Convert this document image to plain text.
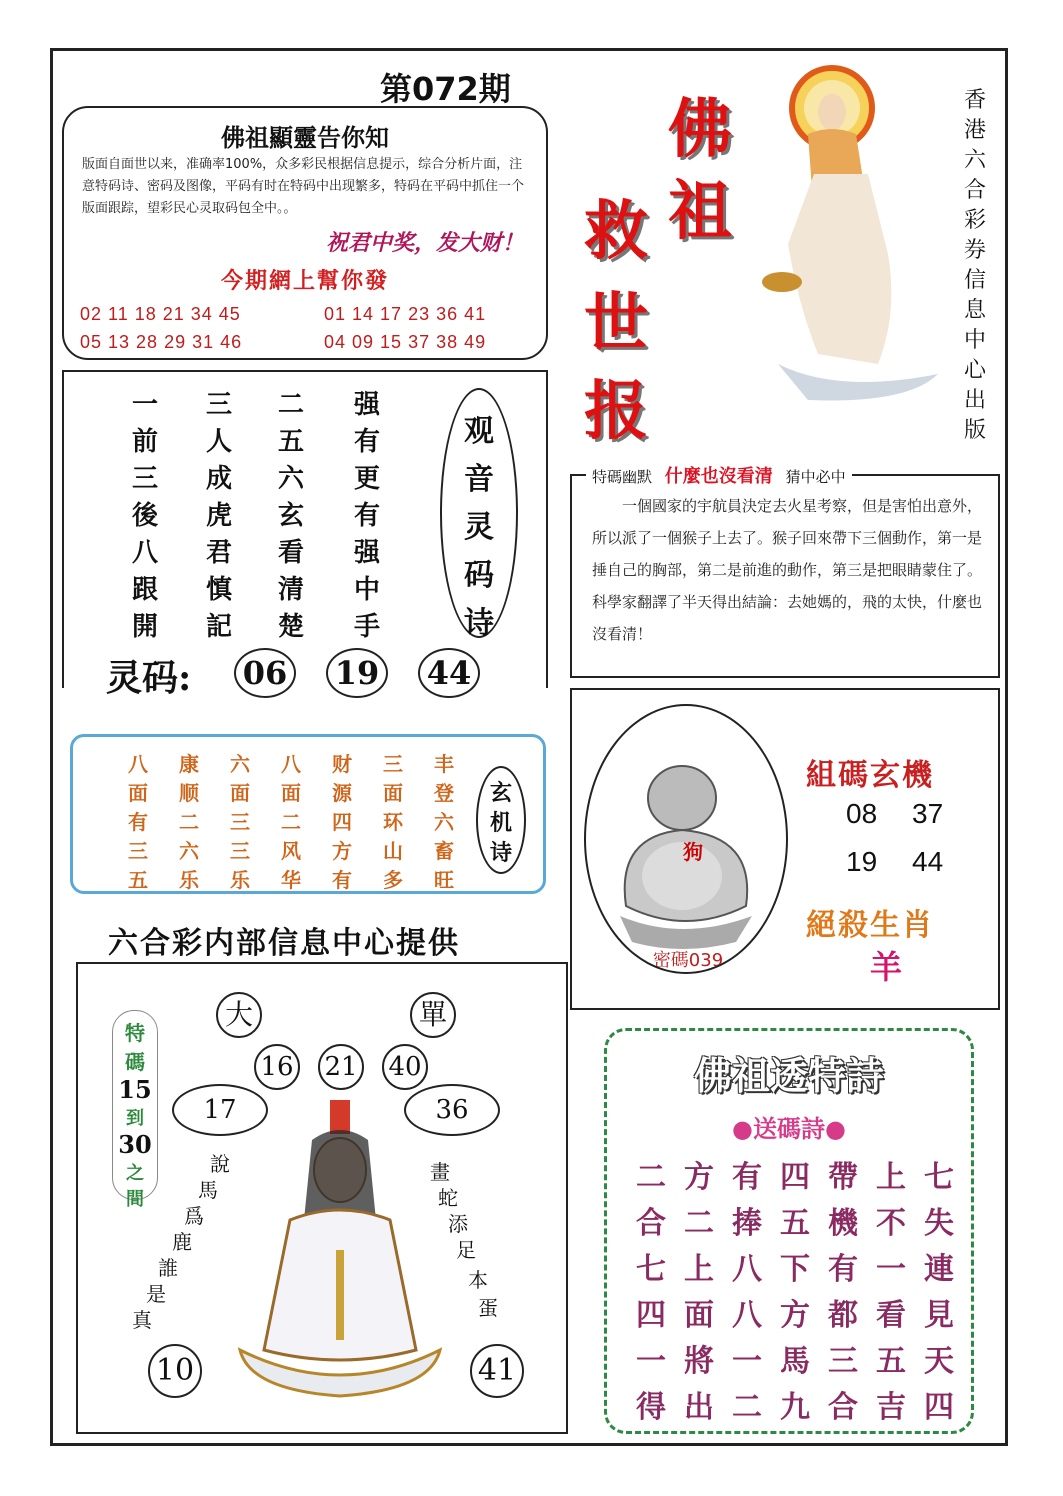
第072期
佛祖顯靈告你知
版面自面世以来，准确率100%，众多彩民根据信息提示，综合分析片面，注意特码诗、密码及图像，平码有时在特码中出现繁多，特码在平码中抓住一个版面跟踪，望彩民心灵取码包全中。。
祝君中奖，发大财！
今期網上幫你發
02 11 18 21 34 45	01 14 17 23 36 41
05 13 28 29 31 46	04 09 15 37 38 49
佛
祖
救
世
报
香
港
六
合
彩
券
信
息
中
心
出
版
一
前
三
後
八
跟
開
三
人
成
虎
君
慎
記
二
五
六
玄
看
清
楚
强
有
更
有
强
中
手
观
音
灵
码
诗
灵码: 06 19 44
特碼幽默 什麼也沒看清 猜中必中
一個國家的宇航員決定去火星考察，但是害怕出意外，所以派了一個猴子上去了。猴子回來帶下三個動作，第一是捶自己的胸部，第二是前進的動作，第三是把眼睛蒙住了。科學家翻譯了半天得出結論：去她媽的，飛的太快，什麼也沒看清！
八
面
有
三
五
康
顺
二
六
乐
六
面
三
三
乐
八
面
二
风
华
财
源
四
方
有
三
面
环
山
多
丰
登
六
畜
旺
玄
机
诗
六合彩内部信息中心提供
狗
密碼039
組碼玄機
08 37
19 44
絕殺生肖
羊
大	單
16 21 40
17	36
10	41
特
碼
15
到
30
之
間
說
馬
爲
鹿
誰
是
真
畫
蛇
添
足
本
蛋
佛祖透特詩
●送碼詩●
二 方 有 四 帶 上 七
合 二 捧 五 機 不 失
七 上 八 下 有 一 連
四 面 八 方 都 看 見
一 將 一 馬 三 五 天
得 出 二 九 合 吉 四
